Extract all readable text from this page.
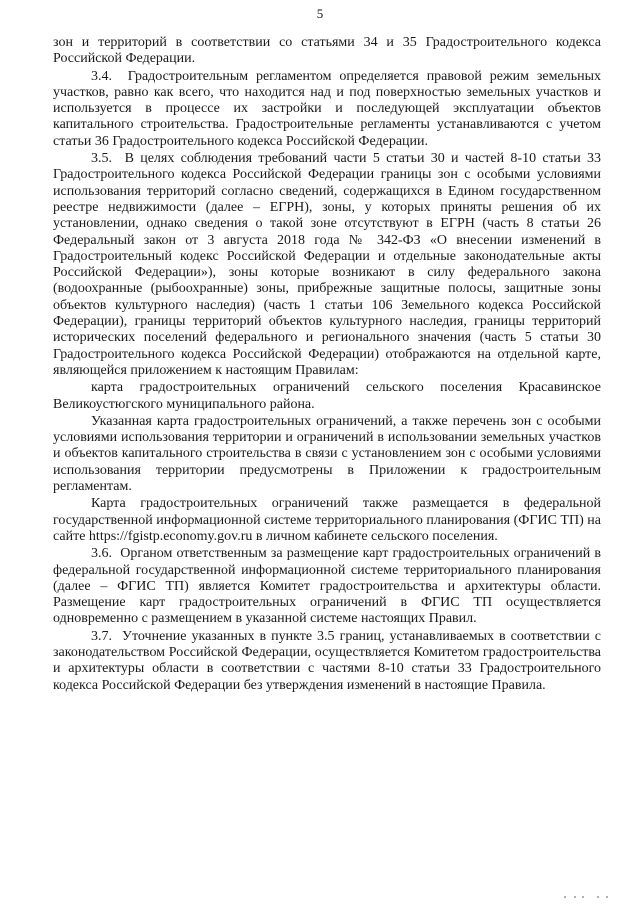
5

зон и территорий в соответствии со статьями 34 и 35 Градостроительного кодекса Российской Федерации.

3.4.  Градостроительным регламентом определяется правовой режим земельных участков, равно как всего, что находится над и под поверхностью земельных участков и используется в процессе их застройки и последующей эксплуатации объектов капитального строительства. Градостроительные регламенты устанавливаются с учетом статьи 36 Градостроительного кодекса Российской Федерации.

3.5.  В целях соблюдения требований части 5 статьи 30 и частей 8-10 статьи 33 Градостроительного кодекса Российской Федерации границы зон с особыми условиями использования территорий согласно сведений, содержащихся в Едином государственном реестре недвижимости (далее – ЕГРН), зоны, у которых приняты решения об их установлении, однако сведения о такой зоне отсутствуют в ЕГРН (часть 8 статьи 26 Федеральный закон от 3 августа 2018 года № 342-ФЗ «О внесении изменений в Градостроительный кодекс Российской Федерации и отдельные законодательные акты Российской Федерации»), зоны которые возникают в силу федерального закона (водоохранные (рыбоохранные) зоны, прибрежные защитные полосы, защитные зоны объектов культурного наследия) (часть 1 статьи 106 Земельного кодекса Российской Федерации), границы территорий объектов культурного наследия, границы территорий исторических поселений федерального и регионального значения (часть 5 статьи 30 Градостроительного кодекса Российской Федерации) отображаются на отдельной карте, являющейся приложением к настоящим Правилам:

карта градостроительных ограничений сельского поселения Красавинское Великоустюгского муниципального района.

Указанная карта градостроительных ограничений, а также перечень зон с особыми условиями использования территории и ограничений в использовании земельных участков и объектов капитального строительства в связи с установлением зон с особыми условиями использования территории предусмотрены в Приложении к градостроительным регламентам.

Карта градостроительных ограничений также размещается в федеральной государственной информационной системе территориального планирования (ФГИС ТП) на сайте https://fgistp.economy.gov.ru в личном кабинете сельского поселения.

3.6.  Органом ответственным за размещение карт градостроительных ограничений в федеральной государственной информационной системе территориального планирования (далее – ФГИС ТП) является Комитет градостроительства и архитектуры области. Размещение карт градостроительных ограничений в ФГИС ТП осуществляется одновременно с размещением в указанной системе настоящих Правил.

3.7.  Уточнение указанных в пункте 3.5 границ, устанавливаемых в соответствии с законодательством Российской Федерации, осуществляется Комитетом градостроительства и архитектуры области в соответствии с частями 8-10 статьи 33 Градостроительного кодекса Российской Федерации без утверждения изменений в настоящие Правила.
